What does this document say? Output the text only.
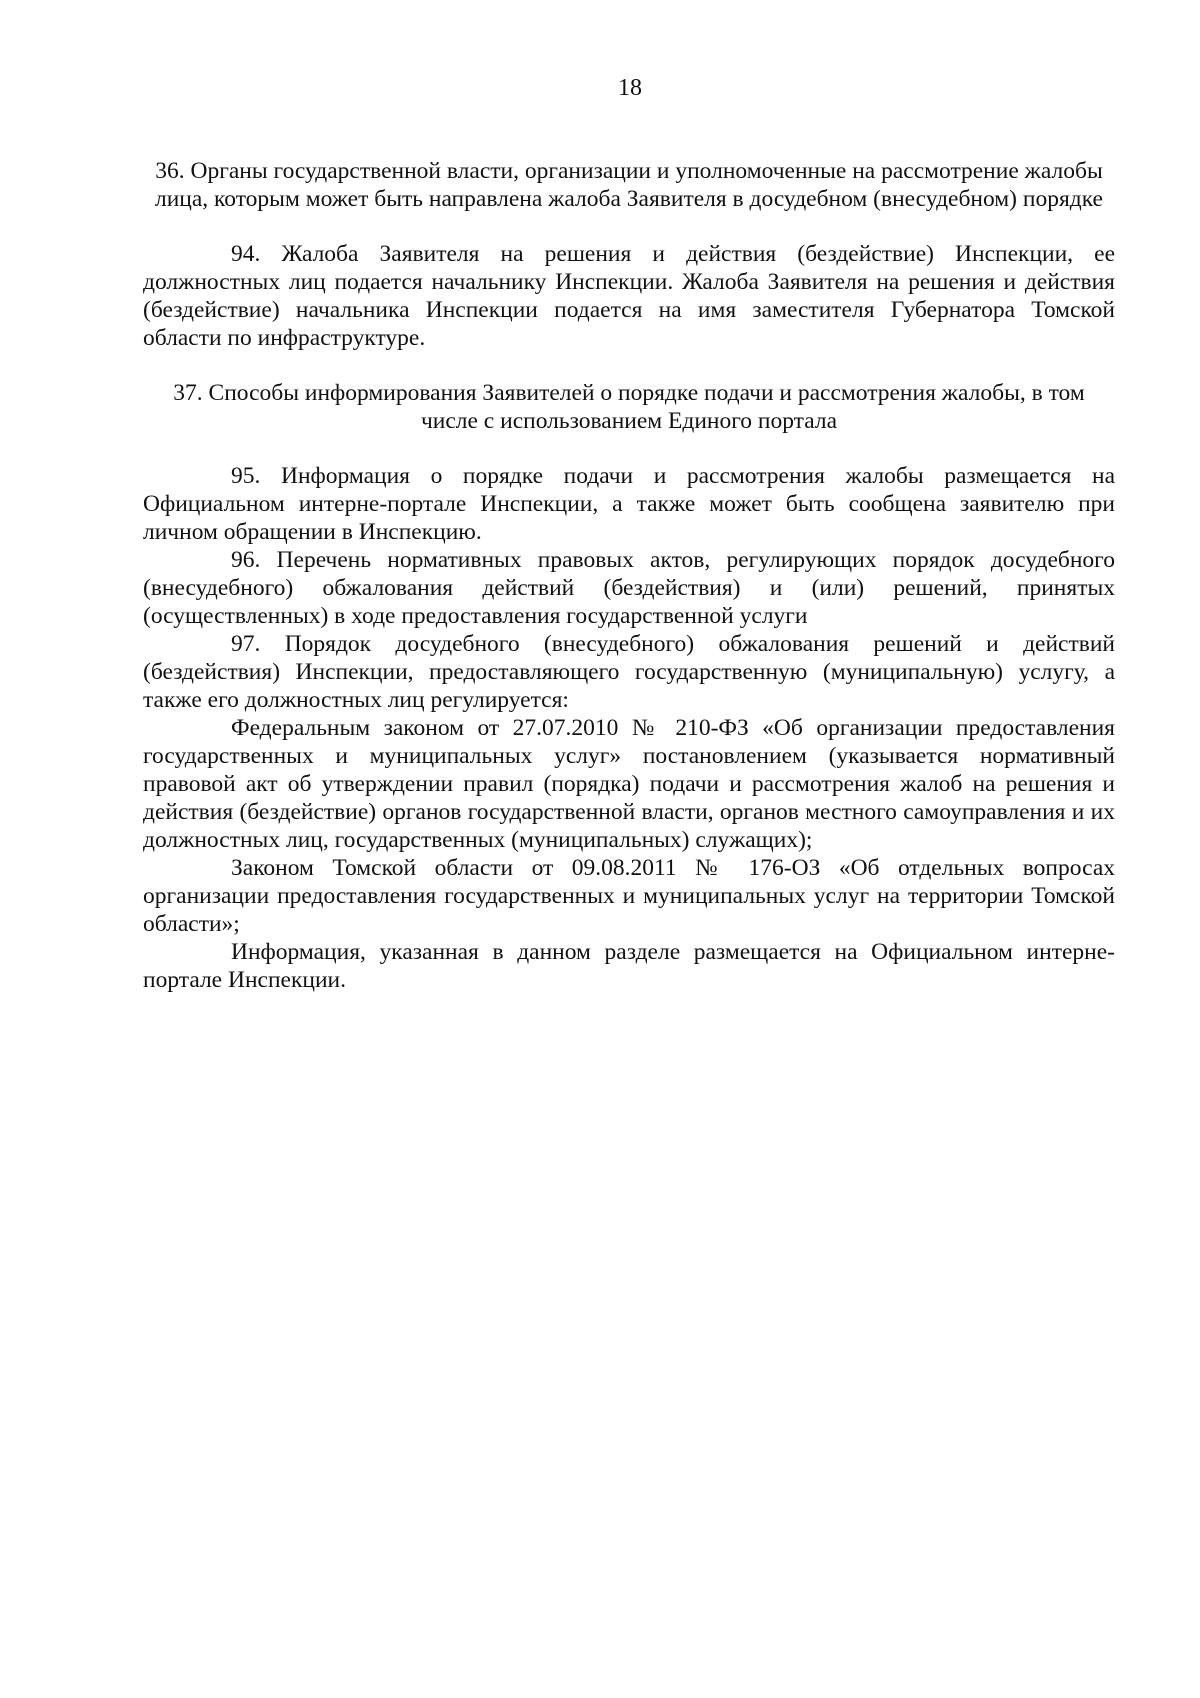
18

36. Органы государственной власти, организации и уполномоченные на рассмотрение жалобы лица, которым может быть направлена жалоба Заявителя в досудебном (внесудебном) порядке

94. Жалоба Заявителя на решения и действия (бездействие) Инспекции, ее должностных лиц подается начальнику Инспекции. Жалоба Заявителя на решения и действия (бездействие) начальника Инспекции подается на имя заместителя Губернатора Томской области по инфраструктуре.

37. Способы информирования Заявителей о порядке подачи и рассмотрения жалобы, в том числе с использованием Единого портала

95. Информация о порядке подачи и рассмотрения жалобы размещается на Официальном интерне-портале Инспекции, а также может быть сообщена заявителю при личном обращении в Инспекцию.

96. Перечень нормативных правовых актов, регулирующих порядок досудебного (внесудебного) обжалования действий (бездействия) и (или) решений, принятых (осуществленных) в ходе предоставления государственной услуги

97. Порядок досудебного (внесудебного) обжалования решений и действий (бездействия) Инспекции, предоставляющего государственную (муниципальную) услугу, а также его должностных лиц регулируется:

Федеральным законом от 27.07.2010 № 210-ФЗ «Об организации предоставления государственных и муниципальных услуг» постановлением (указывается нормативный правовой акт об утверждении правил (порядка) подачи и рассмотрения жалоб на решения и действия (бездействие) органов государственной власти, органов местного самоуправления и их должностных лиц, государственных (муниципальных) служащих);

Законом Томской области от 09.08.2011 № 176-ОЗ «Об отдельных вопросах организации предоставления государственных и муниципальных услуг на территории Томской области»;

Информация, указанная в данном разделе размещается на Официальном интерне-портале Инспекции.
